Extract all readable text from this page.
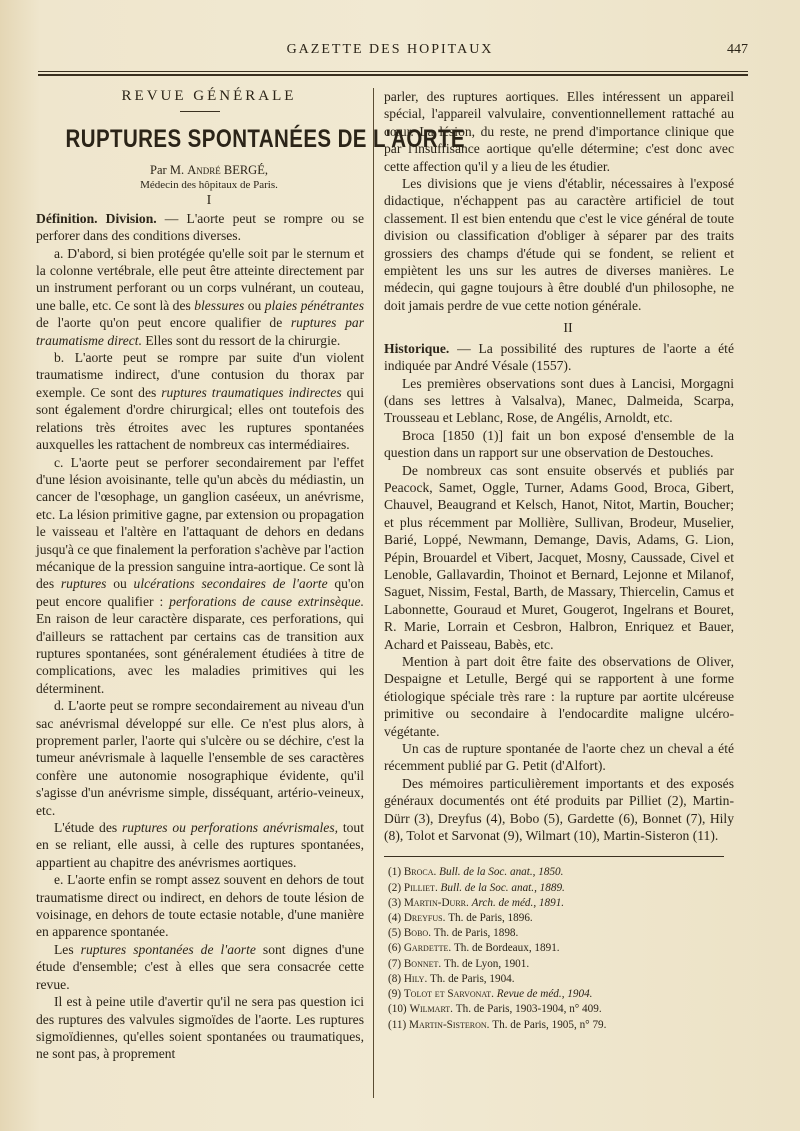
GAZETTE DES HOPITAUX	447

REVUE GÉNÉRALE

RUPTURES SPONTANÉES DE L'AORTE

Par M. André BERGÉ,

Médecin des hôpitaux de Paris.

I

Définition. Division. — L'aorte peut se rompre ou se perforer dans des conditions diverses.

a. D'abord, si bien protégée qu'elle soit par le sternum et la colonne vertébrale, elle peut être atteinte directement par un instrument perforant ou un corps vulnérant, un couteau, une balle, etc. Ce sont là des blessures ou plaies pénétrantes de l'aorte qu'on peut encore qualifier de ruptures par traumatisme direct. Elles sont du ressort de la chirurgie.

b. L'aorte peut se rompre par suite d'un violent traumatisme indirect, d'une contusion du thorax par exemple. Ce sont des ruptures traumatiques indirectes qui sont également d'ordre chirurgical; elles ont toutefois des relations très étroites avec les ruptures spontanées auxquelles les rattachent de nombreux cas intermédiaires.

c. L'aorte peut se perforer secondairement par l'effet d'une lésion avoisinante, telle qu'un abcès du médiastin, un cancer de l'œsophage, un ganglion caséeux, un anévrisme, etc. La lésion primitive gagne, par extension ou propagation le vaisseau et l'altère en l'attaquant de dehors en dedans jusqu'à ce que finalement la perforation s'achève par l'action mécanique de la pression sanguine intra-aortique. Ce sont là des ruptures ou ulcérations secondaires de l'aorte qu'on peut encore qualifier : perforations de cause extrinsèque. En raison de leur caractère disparate, ces perforations, qui d'ailleurs se rattachent par certains cas de transition aux ruptures spontanées, sont généralement étudiées à titre de complications, avec les maladies primitives qui les déterminent.

d. L'aorte peut se rompre secondairement au niveau d'un sac anévrismal développé sur elle. Ce n'est plus alors, à proprement parler, l'aorte qui s'ulcère ou se déchire, c'est la tumeur anévrismale à laquelle l'ensemble de ses caractères confère une autonomie nosographique évidente, qu'il s'agisse d'un anévrisme simple, disséquant, artério-veineux, etc.

L'étude des ruptures ou perforations anévrismales, tout en se reliant, elle aussi, à celle des ruptures spontanées, appartient au chapitre des anévrismes aortiques.

e. L'aorte enfin se rompt assez souvent en dehors de tout traumatisme direct ou indirect, en dehors de toute lésion de voisinage, en dehors de toute ectasie notable, d'une manière en apparence spontanée.

Les ruptures spontanées de l'aorte sont dignes d'une étude d'ensemble; c'est à elles que sera consacrée cette revue.

Il est à peine utile d'avertir qu'il ne sera pas question ici des ruptures des valvules sigmoïdes de l'aorte. Les ruptures sigmoïdiennes, qu'elles soient spontanées ou traumatiques, ne sont pas, à proprement

parler, des ruptures aortiques. Elles intéressent un appareil spécial, l'appareil valvulaire, conventionnellement rattaché au cœur. La lésion, du reste, ne prend d'importance clinique que par l'insuffisance aortique qu'elle détermine; c'est donc avec cette affection qu'il y a lieu de les étudier.

Les divisions que je viens d'établir, nécessaires à l'exposé didactique, n'échappent pas au caractère artificiel de tout classement. Il est bien entendu que c'est le vice général de toute division ou classification d'obliger à séparer par des traits grossiers des champs d'étude qui se fondent, se relient et empiètent les uns sur les autres de diverses manières. Le médecin, qui gagne toujours à être doublé d'un philosophe, ne doit jamais perdre de vue cette notion générale.

II

Historique. — La possibilité des ruptures de l'aorte a été indiquée par André Vésale (1557).

Les premières observations sont dues à Lancisi, Morgagni (dans ses lettres à Valsalva), Manec, Dalmeida, Scarpa, Trousseau et Leblanc, Rose, de Angélis, Arnoldt, etc.

Broca [1850 (1)] fait un bon exposé d'ensemble de la question dans un rapport sur une observation de Destouches.

De nombreux cas sont ensuite observés et publiés par Peacock, Samet, Oggle, Turner, Adams Good, Broca, Gibert, Chauvel, Beaugrand et Kelsch, Hanot, Nitot, Martin, Boucher; et plus récemment par Mollière, Sullivan, Brodeur, Muselier, Barié, Loppé, Newmann, Demange, Davis, Adams, G. Lion, Pépin, Brouardel et Vibert, Jacquet, Mosny, Caussade, Civel et Lenoble, Gallavardin, Thoinot et Bernard, Lejonne et Milanof, Saguet, Nissim, Festal, Barth, de Massary, Thiercelin, Camus et Labonnette, Gouraud et Muret, Gougerot, Ingelrans et Bouret, R. Marie, Lorrain et Cesbron, Halbron, Enriquez et Bauer, Achard et Paisseau, Babès, etc.

Mention à part doit être faite des observations de Oliver, Despaigne et Letulle, Bergé qui se rapportent à une forme étiologique spéciale très rare : la rupture par aortite ulcéreuse primitive ou secondaire à l'endocardite maligne ulcéro-végétante.

Un cas de rupture spontanée de l'aorte chez un cheval a été récemment publié par G. Petit (d'Alfort).

Des mémoires particulièrement importants et des exposés généraux documentés ont été produits par Pilliet (2), Martin-Dürr (3), Dreyfus (4), Bobo (5), Gardette (6), Bonnet (7), Hily (8), Tolot et Sarvonat (9), Wilmart (10), Martin-Sisteron (11).

(1) Broca. Bull. de la Soc. anat., 1850.

(2) Pilliet. Bull. de la Soc. anat., 1889.

(3) Martin-Durr. Arch. de méd., 1891.

(4) Dreyfus. Th. de Paris, 1896.

(5) Bobo. Th. de Paris, 1898.

(6) Gardette. Th. de Bordeaux, 1891.

(7) Bonnet. Th. de Lyon, 1901.

(8) Hily. Th. de Paris, 1904.

(9) Tolot et Sarvonat. Revue de méd., 1904.

(10) Wilmart. Th. de Paris, 1903-1904, n° 409.

(11) Martin-Sisteron. Th. de Paris, 1905, n° 79.
